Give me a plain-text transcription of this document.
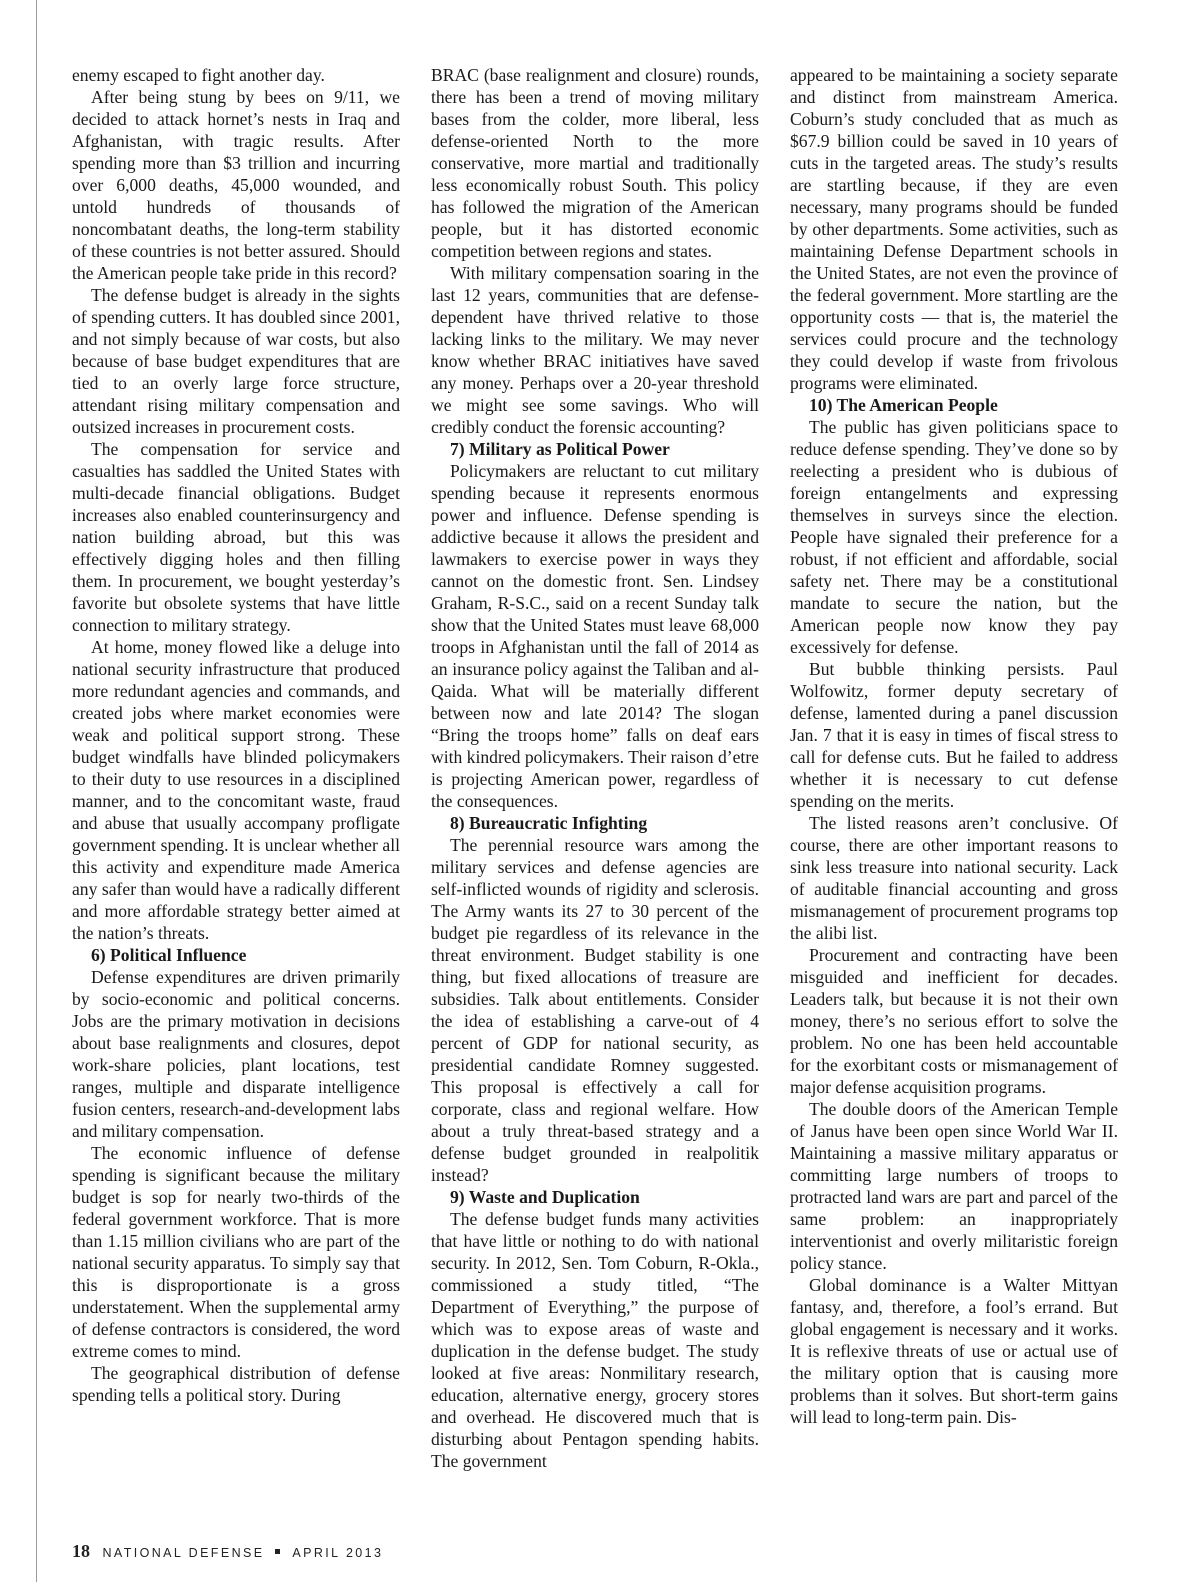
enemy escaped to fight another day.

After being stung by bees on 9/11, we decided to attack hornet’s nests in Iraq and Afghanistan, with tragic results. After spending more than $3 trillion and incurring over 6,000 deaths, 45,000 wounded, and untold hundreds of thousands of noncombatant deaths, the long-term stability of these countries is not better assured. Should the American people take pride in this record?

The defense budget is already in the sights of spending cutters. It has doubled since 2001, and not simply because of war costs, but also because of base budget expenditures that are tied to an overly large force structure, attendant rising military compensation and outsized increases in procurement costs.

The compensation for service and casualties has saddled the United States with multi-decade financial obligations. Budget increases also enabled counterinsurgency and nation building abroad, but this was effectively digging holes and then filling them. In procurement, we bought yesterday’s favorite but obsolete systems that have little connection to military strategy.

At home, money flowed like a deluge into national security infrastructure that produced more redundant agencies and commands, and created jobs where market economies were weak and political support strong. These budget windfalls have blinded policymakers to their duty to use resources in a disciplined manner, and to the concomitant waste, fraud and abuse that usually accompany profligate government spending. It is unclear whether all this activity and expenditure made America any safer than would have a radically different and more affordable strategy better aimed at the nation’s threats.

6) Political Influence

Defense expenditures are driven primarily by socio-economic and political concerns. Jobs are the primary motivation in decisions about base realignments and closures, depot work-share policies, plant locations, test ranges, multiple and disparate intelligence fusion centers, research-and-development labs and military compensation.

The economic influence of defense spending is significant because the military budget is sop for nearly two-thirds of the federal government workforce. That is more than 1.15 million civilians who are part of the national security apparatus. To simply say that this is disproportionate is a gross understatement. When the supplemental army of defense contractors is considered, the word extreme comes to mind.

The geographical distribution of defense spending tells a political story. During

BRAC (base realignment and closure) rounds, there has been a trend of moving military bases from the colder, more liberal, less defense-oriented North to the more conservative, more martial and traditionally less economically robust South. This policy has followed the migration of the American people, but it has distorted economic competition between regions and states.

With military compensation soaring in the last 12 years, communities that are defense-dependent have thrived relative to those lacking links to the military. We may never know whether BRAC initiatives have saved any money. Perhaps over a 20-year threshold we might see some savings. Who will credibly conduct the forensic accounting?

7) Military as Political Power

Policymakers are reluctant to cut military spending because it represents enormous power and influence. Defense spending is addictive because it allows the president and lawmakers to exercise power in ways they cannot on the domestic front. Sen. Lindsey Graham, R-S.C., said on a recent Sunday talk show that the United States must leave 68,000 troops in Afghanistan until the fall of 2014 as an insurance policy against the Taliban and al-Qaida. What will be materially different between now and late 2014? The slogan “Bring the troops home” falls on deaf ears with kindred policymakers. Their raison d’etre is projecting American power, regardless of the consequences.

8) Bureaucratic Infighting

The perennial resource wars among the military services and defense agencies are self-inflicted wounds of rigidity and sclerosis. The Army wants its 27 to 30 percent of the budget pie regardless of its relevance in the threat environment. Budget stability is one thing, but fixed allocations of treasure are subsidies. Talk about entitlements. Consider the idea of establishing a carve-out of 4 percent of GDP for national security, as presidential candidate Romney suggested. This proposal is effectively a call for corporate, class and regional welfare. How about a truly threat-based strategy and a defense budget grounded in realpolitik instead?

9) Waste and Duplication

The defense budget funds many activities that have little or nothing to do with national security. In 2012, Sen. Tom Coburn, R-Okla., commissioned a study titled, “The Department of Everything,” the purpose of which was to expose areas of waste and duplication in the defense budget. The study looked at five areas: Nonmilitary research, education, alternative energy, grocery stores and overhead. He discovered much that is disturbing about Pentagon spending habits. The government

appeared to be maintaining a society separate and distinct from mainstream America. Coburn’s study concluded that as much as $67.9 billion could be saved in 10 years of cuts in the targeted areas. The study’s results are startling because, if they are even necessary, many programs should be funded by other departments. Some activities, such as maintaining Defense Department schools in the United States, are not even the province of the federal government. More startling are the opportunity costs — that is, the materiel the services could procure and the technology they could develop if waste from frivolous programs were eliminated.

10) The American People

The public has given politicians space to reduce defense spending. They’ve done so by reelecting a president who is dubious of foreign entangelments and expressing themselves in surveys since the election. People have signaled their preference for a robust, if not efficient and affordable, social safety net. There may be a constitutional mandate to secure the nation, but the American people now know they pay excessively for defense.

But bubble thinking persists. Paul Wolfowitz, former deputy secretary of defense, lamented during a panel discussion Jan. 7 that it is easy in times of fiscal stress to call for defense cuts. But he failed to address whether it is necessary to cut defense spending on the merits.

The listed reasons aren’t conclusive. Of course, there are other important reasons to sink less treasure into national security. Lack of auditable financial accounting and gross mismanagement of procurement programs top the alibi list.

Procurement and contracting have been misguided and inefficient for decades. Leaders talk, but because it is not their own money, there’s no serious effort to solve the problem. No one has been held accountable for the exorbitant costs or mismanagement of major defense acquisition programs.

The double doors of the American Temple of Janus have been open since World War II. Maintaining a massive military apparatus or committing large numbers of troops to protracted land wars are part and parcel of the same problem: an inappropriately interventionist and overly militaristic foreign policy stance.

Global dominance is a Walter Mittyan fantasy, and, therefore, a fool’s errand. But global engagement is necessary and it works. It is reflexive threats of use or actual use of the military option that is causing more problems than it solves. But short-term gains will lead to long-term pain. Dis-

18 NATIONAL DEFENSE APRIL 2013
